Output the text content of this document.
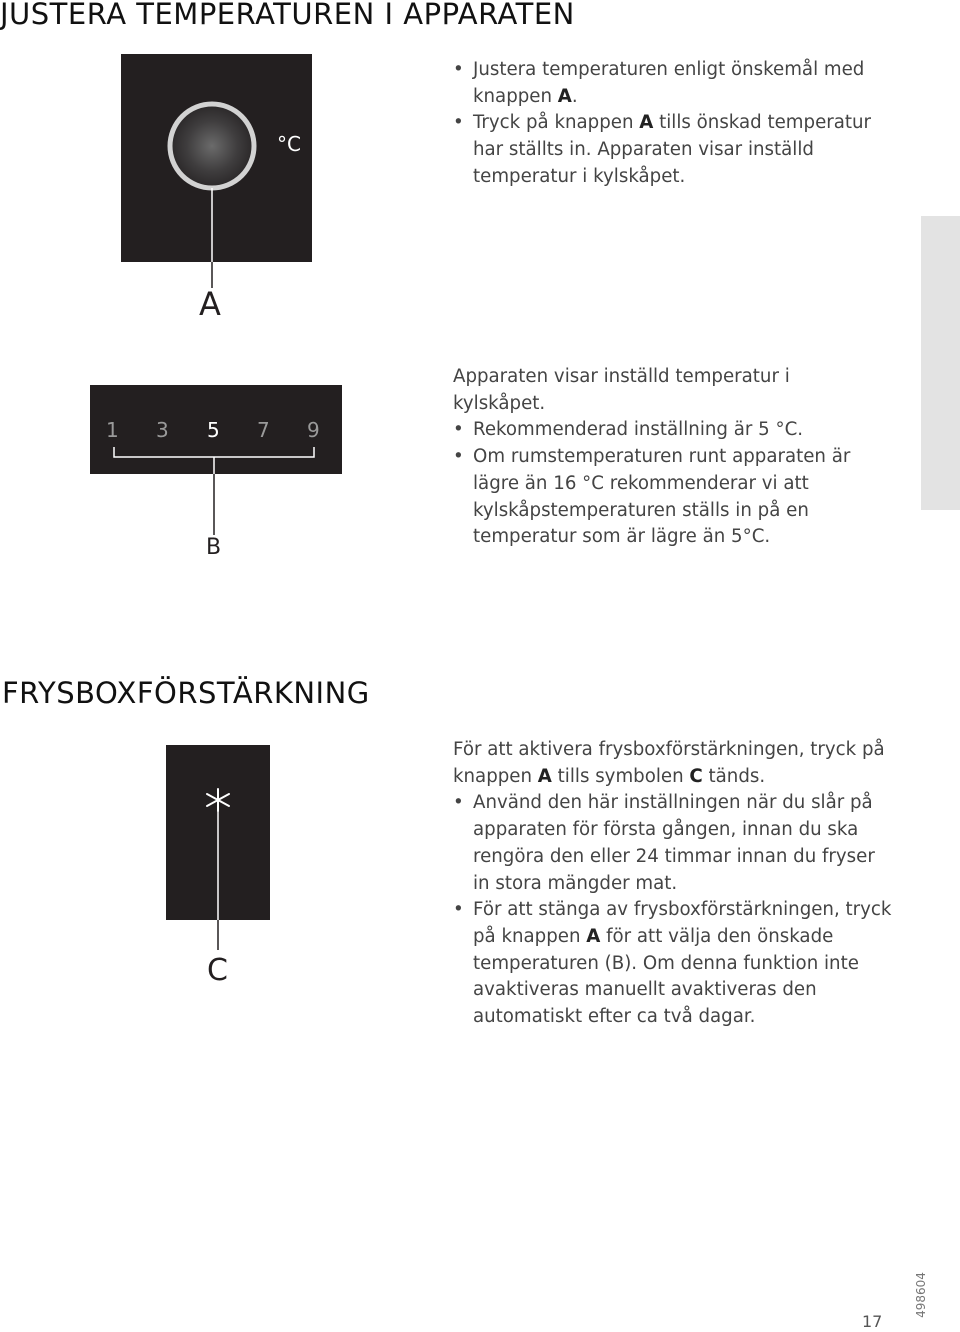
JUSTERA TEMPERATUREN I APPARATEN
°C
A
• Justera temperaturen enligt önskemål med knappen A.
• Tryck på knappen A tills önskad temperatur har ställts in. Apparaten visar inställd temperatur i kylskåpet.
1 3 5 7 9
B

Apparaten visar inställd temperatur i kylskåpet.

• Rekommenderad inställning är 5 °C.
• Om rumstemperaturen runt apparaten är lägre än 16 °C rekommenderar vi att kylskåpstemperaturen ställs in på en temperatur som är lägre än 5°C.
FRYSBOXFÖRSTÄRKNING
C

För att aktivera frysboxförstärkningen, tryck på knappen A tills symbolen C tänds.

• Använd den här inställningen när du slår på apparaten för första gången, innan du ska rengöra den eller 24 timmar innan du fryser in stora mängder mat.
• För att stänga av frysboxförstärkningen, tryck på knappen A för att välja den önskade temperaturen (B). Om denna funktion inte avaktiveras manuellt avaktiveras den automatiskt efter ca två dagar.
17
498604
